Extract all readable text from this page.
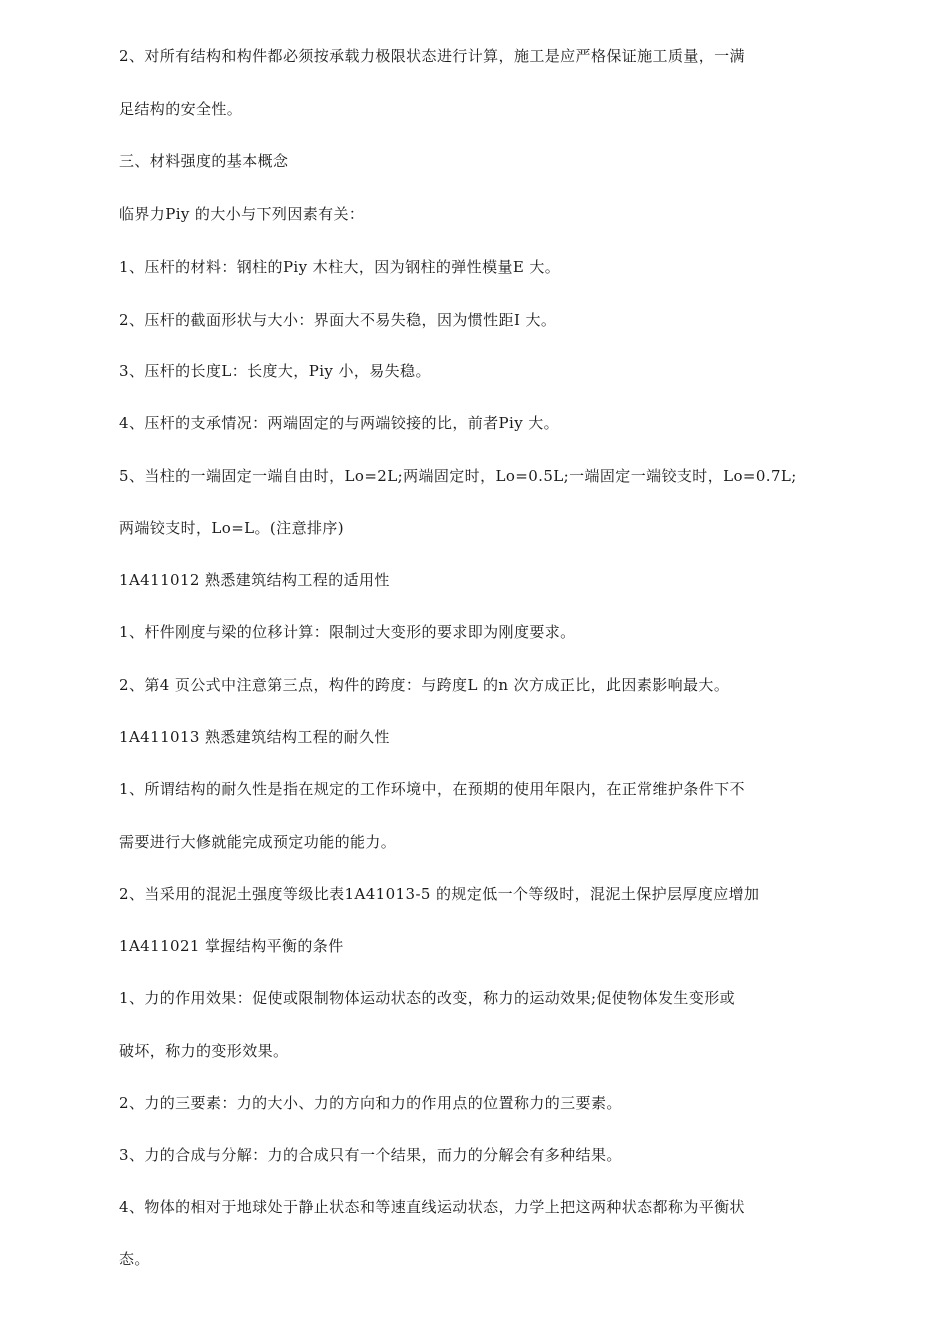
2、对所有结构和构件都必须按承载力极限状态进行计算，施工是应严格保证施工质量，一满
足结构的安全性。
三、材料强度的基本概念
临界力Piy 的大小与下列因素有关：
1、压杆的材料：钢柱的Piy 木柱大，因为钢柱的弹性模量E 大。
2、压杆的截面形状与大小：界面大不易失稳，因为惯性距I 大。
3、压杆的长度L：长度大，Piy 小，易失稳。
4、压杆的支承情况：两端固定的与两端铰接的比，前者Piy 大。
5、当柱的一端固定一端自由时，Lo=2L;两端固定时，Lo=0.5L;一端固定一端铰支时，Lo=0.7L;
两端铰支时，Lo=L。(注意排序)
1A411012 熟悉建筑结构工程的适用性
1、杆件刚度与梁的位移计算：限制过大变形的要求即为刚度要求。
2、第4 页公式中注意第三点，构件的跨度：与跨度L 的n 次方成正比，此因素影响最大。
1A411013 熟悉建筑结构工程的耐久性
1、所谓结构的耐久性是指在规定的工作环境中，在预期的使用年限内，在正常维护条件下不
需要进行大修就能完成预定功能的能力。
2、当采用的混泥土强度等级比表1A41013-5 的规定低一个等级时，混泥土保护层厚度应增加
1A411021 掌握结构平衡的条件
1、力的作用效果：促使或限制物体运动状态的改变，称力的运动效果;促使物体发生变形或
破坏，称力的变形效果。
2、力的三要素：力的大小、力的方向和力的作用点的位置称力的三要素。
3、力的合成与分解：力的合成只有一个结果，而力的分解会有多种结果。
4、物体的相对于地球处于静止状态和等速直线运动状态，力学上把这两种状态都称为平衡状
态。
